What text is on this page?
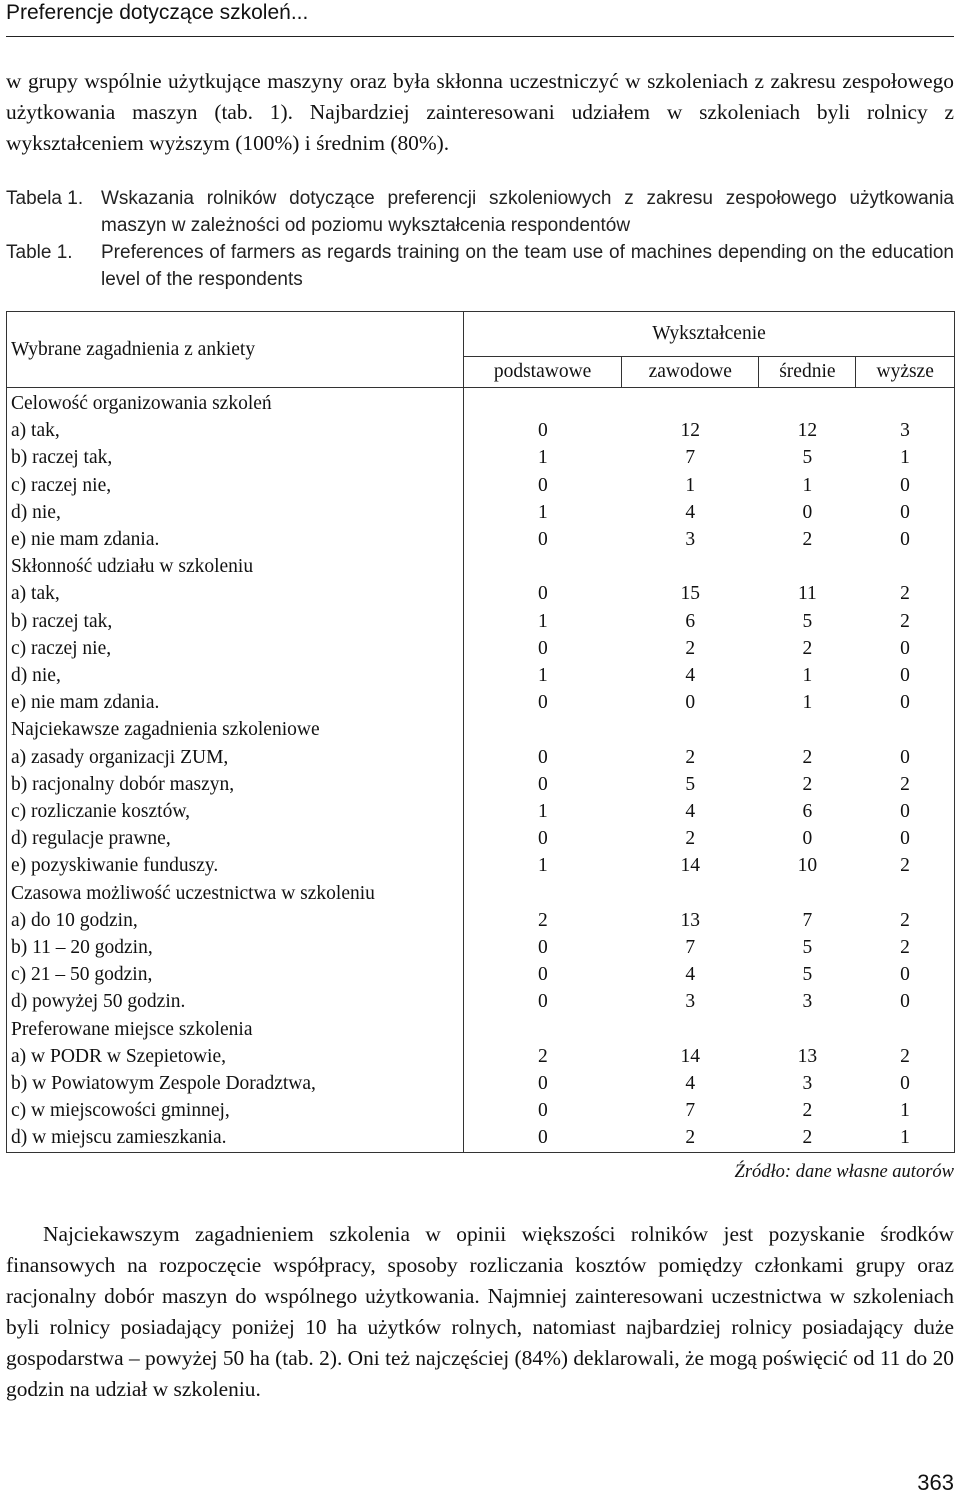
Preferencje dotyczące szkoleń...
w grupy wspólnie użytkujące maszyny oraz była skłonna uczestniczyć w szkoleniach z zakresu zespołowego użytkowania maszyn (tab. 1). Najbardziej zainteresowani udziałem w szkoleniach byli rolnicy z wykształceniem wyższym (100%) i średnim (80%).
Tabela 1. Wskazania rolników dotyczące preferencji szkoleniowych z zakresu zespołowego użytkowania maszyn w zależności od poziomu wykształcenia respondentów
Table 1. Preferences of farmers as regards training on the team use of machines depending on the education level of the respondents
Wybrane zagadnienia z ankiety	Wykształcenie			
	podstawowe	zawodowe	średnie	wyższe
Celowość organizowania szkoleń				
a) tak,	0	12	12	3
b) raczej tak,	1	7	5	1
c) raczej nie,	0	1	1	0
d) nie,	1	4	0	0
e) nie mam zdania.	0	3	2	0
Skłonność udziału w szkoleniu				
a) tak,	0	15	11	2
b) raczej tak,	1	6	5	2
c) raczej nie,	0	2	2	0
d) nie,	1	4	1	0
e) nie mam zdania.	0	0	1	0
Najciekawsze zagadnienia szkoleniowe				
a) zasady organizacji ZUM,	0	2	2	0
b) racjonalny dobór maszyn,	0	5	2	2
c) rozliczanie kosztów,	1	4	6	0
d) regulacje prawne,	0	2	0	0
e) pozyskiwanie funduszy.	1	14	10	2
Czasowa możliwość uczestnictwa w szkoleniu				
a) do 10 godzin,	2	13	7	2
b) 11 – 20 godzin,	0	7	5	2
c) 21 – 50 godzin,	0	4	5	0
d) powyżej 50 godzin.	0	3	3	0
Preferowane miejsce szkolenia				
a) w PODR w Szepietowie,	2	14	13	2
b) w Powiatowym Zespole Doradztwa,	0	4	3	0
c) w miejscowości gminnej,	0	7	2	1
d) w miejscu zamieszkania.	0	2	2	1
Źródło: dane własne autorów
Najciekawszym zagadnieniem szkolenia w opinii większości rolników jest pozyskanie środków finansowych na rozpoczęcie współpracy, sposoby rozliczania kosztów pomiędzy członkami grupy oraz racjonalny dobór maszyn do wspólnego użytkowania. Najmniej zainteresowani uczestnictwa w szkoleniach byli rolnicy posiadający poniżej 10 ha użytków rolnych, natomiast najbardziej rolnicy posiadający duże gospodarstwa – powyżej 50 ha (tab. 2). Oni też najczęściej (84%) deklarowali, że mogą poświęcić od 11 do 20 godzin na udział w szkoleniu.
363
